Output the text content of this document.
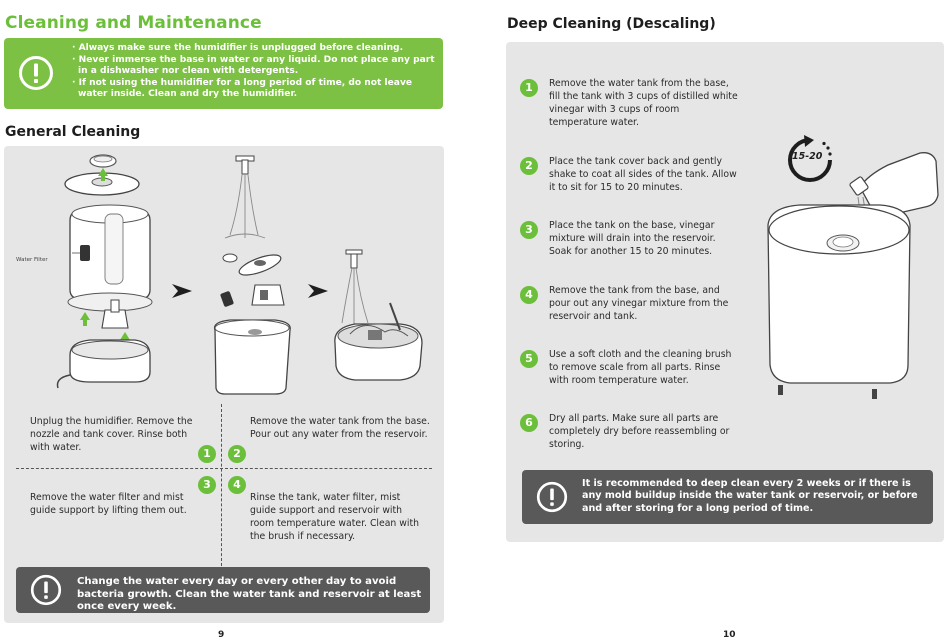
Cleaning and Maintenance
· Always make sure the humidifier is unplugged before cleaning.
· Never immerse the base in water or any liquid. Do not place any part in a dishwasher nor clean with detergents.
· If not using the humidifier for a long period of time, do not leave water inside. Clean and dry the humidifier.
General Cleaning
Water Filter
1	2
3	4
Unplug the humidifier. Remove the nozzle and tank cover. Rinse both with water.
Remove the water tank from the base. Pour out any water from the reservoir.
Remove the water filter and mist guide support by lifting them out.
Rinse the tank, water filter, mist guide support and reservoir with room temperature water. Clean with the brush if necessary.
Change the water every day or every other day to avoid bacteria growth. Clean the water tank and reservoir at least once every week.
9
Deep Cleaning (Descaling)
1	Remove the water tank from the base, fill the tank with 3 cups of distilled white vinegar with 3 cups of room temperature water.
2	Place the tank cover back and gently shake to coat all sides of the tank. Allow it to sit for 15 to 20 minutes.
3	Place the tank on the base, vinegar mixture will drain into the reservoir. Soak for another 15 to 20 minutes.
4	Remove the tank from the base, and pour out any vinegar mixture from the reservoir and tank.
5	Use a soft cloth and the cleaning brush to remove scale from all parts. Rinse with room temperature water.
6	Dry all parts. Make sure all parts are completely dry before reassembling or storing.
15-20
It is recommended to deep clean every 2 weeks or if there is any mold buildup inside the water tank or reservoir, or before and after storing for a long period of time.
10
